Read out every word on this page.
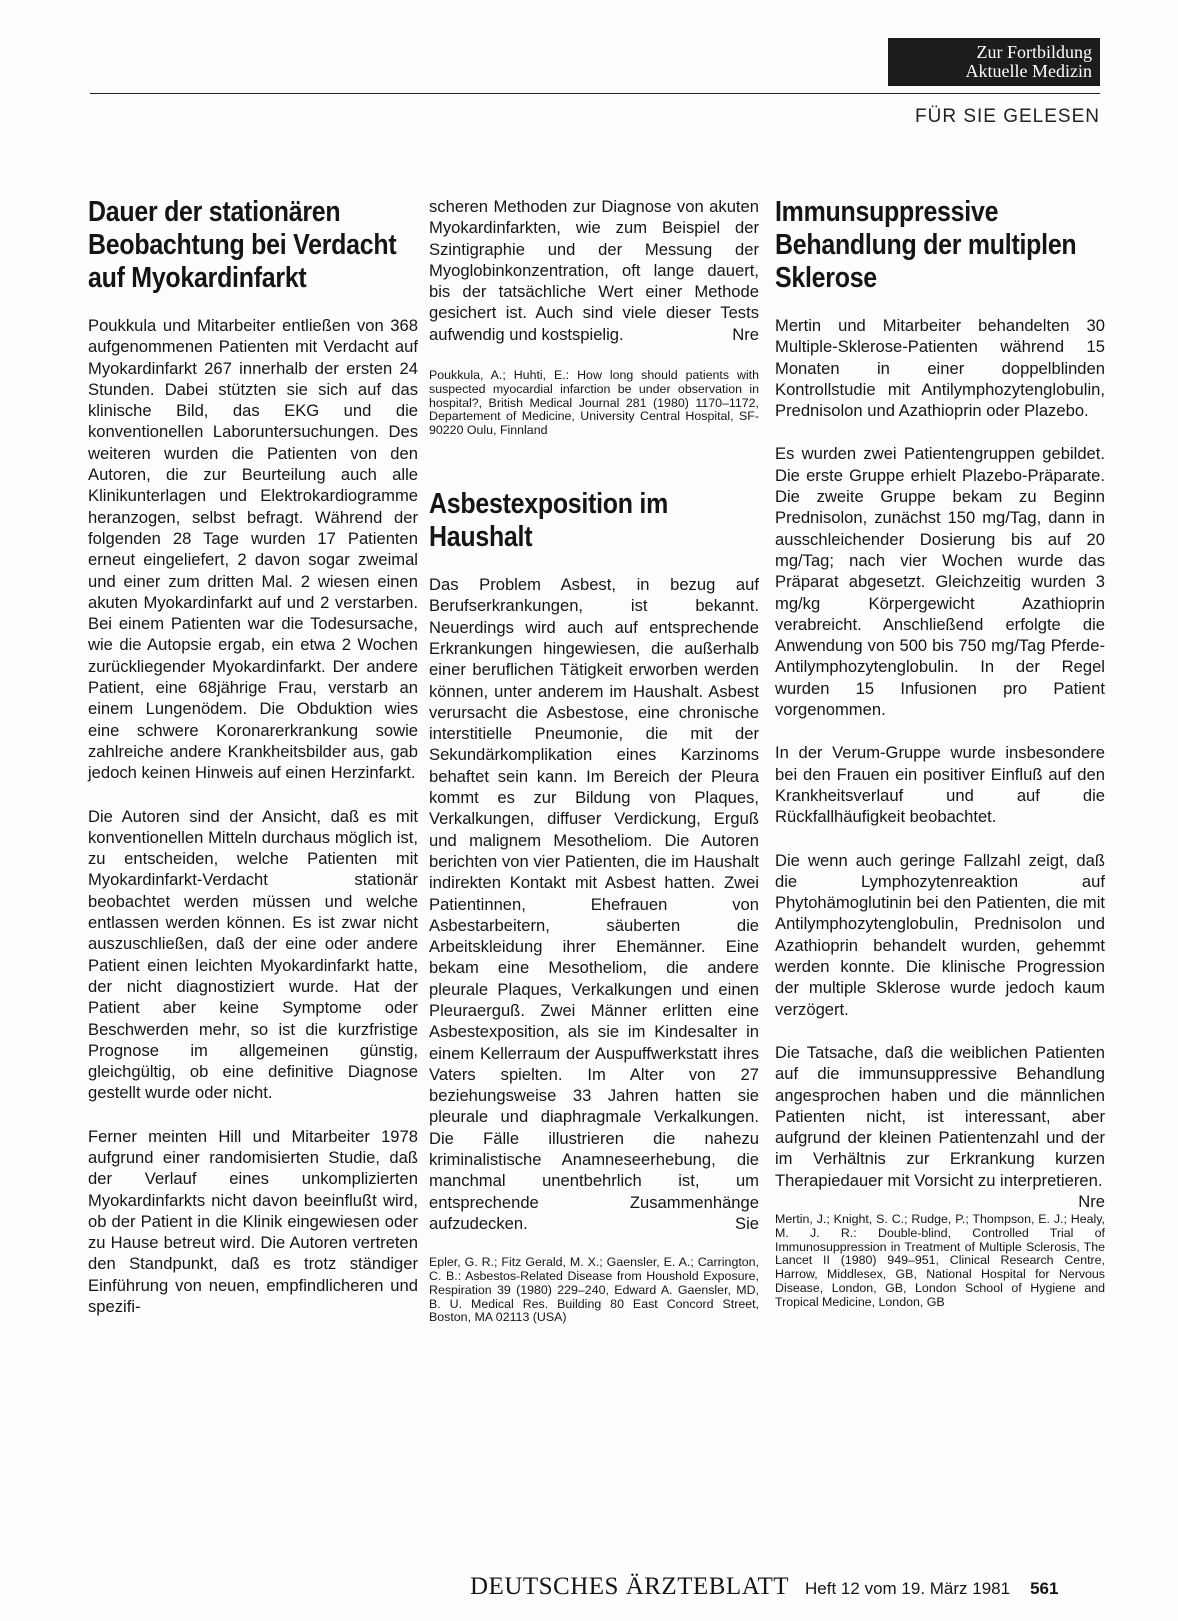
Zur Fortbildung
Aktuelle Medizin
FÜR SIE GELESEN
Dauer der stationären Beobachtung bei Verdacht auf Myokardinfarkt

Poukkula und Mitarbeiter entließen von 368 aufgenommenen Patienten mit Verdacht auf Myokardinfarkt 267 innerhalb der ersten 24 Stunden. Dabei stützten sie sich auf das klinische Bild, das EKG und die konventionellen Laboruntersuchungen. Des weiteren wurden die Patienten von den Autoren, die zur Beurteilung auch alle Klinikunterlagen und Elektrokardiogramme heranzogen, selbst befragt. Während der folgenden 28 Tage wurden 17 Patienten erneut eingeliefert, 2 davon sogar zweimal und einer zum dritten Mal. 2 wiesen einen akuten Myokardinfarkt auf und 2 verstarben. Bei einem Patienten war die Todesursache, wie die Autopsie ergab, ein etwa 2 Wochen zurückliegender Myokardinfarkt. Der andere Patient, eine 68jährige Frau, verstarb an einem Lungenödem. Die Obduktion wies eine schwere Koronarerkrankung sowie zahlreiche andere Krankheitsbilder aus, gab jedoch keinen Hinweis auf einen Herzinfarkt.

Die Autoren sind der Ansicht, daß es mit konventionellen Mitteln durchaus möglich ist, zu entscheiden, welche Patienten mit Myokardinfarkt-Verdacht stationär beobachtet werden müssen und welche entlassen werden können. Es ist zwar nicht auszuschließen, daß der eine oder andere Patient einen leichten Myokardinfarkt hatte, der nicht diagnostiziert wurde. Hat der Patient aber keine Symptome oder Beschwerden mehr, so ist die kurzfristige Prognose im allgemeinen günstig, gleichgültig, ob eine definitive Diagnose gestellt wurde oder nicht.

Ferner meinten Hill und Mitarbeiter 1978 aufgrund einer randomisierten Studie, daß der Verlauf eines unkomplizierten Myokardinfarkts nicht davon beeinflußt wird, ob der Patient in die Klinik eingewiesen oder zu Hause betreut wird. Die Autoren vertreten den Standpunkt, daß es trotz ständiger Einführung von neuen, empfindlicheren und spezifi-

scheren Methoden zur Diagnose von akuten Myokardinfarkten, wie zum Beispiel der Szintigraphie und der Messung der Myoglobinkonzentration, oft lange dauert, bis der tatsächliche Wert einer Methode gesichert ist. Auch sind viele dieser Tests aufwendig und kostspielig.	Nre

Poukkula, A.; Huhti, E.: How long should patients with suspected myocardial infarction be under observation in hospital?, British Medical Journal 281 (1980) 1170–1172, Departement of Medicine, University Central Hospital, SF-90220 Oulu, Finnland

Asbestexposition im Haushalt

Das Problem Asbest, in bezug auf Berufserkrankungen, ist bekannt. Neuerdings wird auch auf entsprechende Erkrankungen hingewiesen, die außerhalb einer beruflichen Tätigkeit erworben werden können, unter anderem im Haushalt. Asbest verursacht die Asbestose, eine chronische interstitielle Pneumonie, die mit der Sekundärkomplikation eines Karzinoms behaftet sein kann. Im Bereich der Pleura kommt es zur Bildung von Plaques, Verkalkungen, diffuser Verdickung, Erguß und malignem Mesotheliom. Die Autoren berichten von vier Patienten, die im Haushalt indirekten Kontakt mit Asbest hatten. Zwei Patientinnen, Ehefrauen von Asbestarbeitern, säuberten die Arbeitskleidung ihrer Ehemänner. Eine bekam eine Mesotheliom, die andere pleurale Plaques, Verkalkungen und einen Pleuraerguß. Zwei Männer erlitten eine Asbestexposition, als sie im Kindesalter in einem Kellerraum der Auspuffwerkstatt ihres Vaters spielten. Im Alter von 27 beziehungsweise 33 Jahren hatten sie pleurale und diaphragmale Verkalkungen. Die Fälle illustrieren die nahezu kriminalistische Anamneseerhebung, die manchmal unentbehrlich ist, um entsprechende Zusammenhänge aufzudecken.	Sie

Epler, G. R.; Fitz Gerald, M. X.; Gaensler, E. A.; Carrington, C. B.: Asbestos-Related Disease from Houshold Exposure, Respiration 39 (1980) 229–240, Edward A. Gaensler, MD, B. U. Medical Res. Building 80 East Concord Street, Boston, MA 02113 (USA)

Immunsuppressive Behandlung der multiplen Sklerose

Mertin und Mitarbeiter behandelten 30 Multiple-Sklerose-Patienten während 15 Monaten in einer doppelblinden Kontrollstudie mit Antilymphozytenglobulin, Prednisolon und Azathioprin oder Plazebo.

Es wurden zwei Patientengruppen gebildet. Die erste Gruppe erhielt Plazebo-Präparate. Die zweite Gruppe bekam zu Beginn Prednisolon, zunächst 150 mg/Tag, dann in ausschleichender Dosierung bis auf 20 mg/Tag; nach vier Wochen wurde das Präparat abgesetzt. Gleichzeitig wurden 3 mg/kg Körpergewicht Azathioprin verabreicht. Anschließend erfolgte die Anwendung von 500 bis 750 mg/Tag Pferde-Antilymphozytenglobulin. In der Regel wurden 15 Infusionen pro Patient vorgenommen.

In der Verum-Gruppe wurde insbesondere bei den Frauen ein positiver Einfluß auf den Krankheitsverlauf und auf die Rückfallhäufigkeit beobachtet.

Die wenn auch geringe Fallzahl zeigt, daß die Lymphozytenreaktion auf Phytohämoglutinin bei den Patienten, die mit Antilymphozytenglobulin, Prednisolon und Azathioprin behandelt wurden, gehemmt werden konnte. Die klinische Progression der multiple Sklerose wurde jedoch kaum verzögert.

Die Tatsache, daß die weiblichen Patienten auf die immunsuppressive Behandlung angesprochen haben und die männlichen Patienten nicht, ist interessant, aber aufgrund der kleinen Patientenzahl und der im Verhältnis zur Erkrankung kurzen Therapiedauer mit Vorsicht zu interpretieren.
Nre

Mertin, J.; Knight, S. C.; Rudge, P.; Thompson, E. J.; Healy, M. J. R.: Double-blind, Controlled Trial of Immunosuppression in Treatment of Multiple Sclerosis, The Lancet II (1980) 949–951, Clinical Research Centre, Harrow, Middlesex, GB, National Hospital for Nervous Disease, London, GB, London School of Hygiene and Tropical Medicine, London, GB

DEUTSCHES ÄRZTEBLATT Heft 12 vom 19. März 1981 561
